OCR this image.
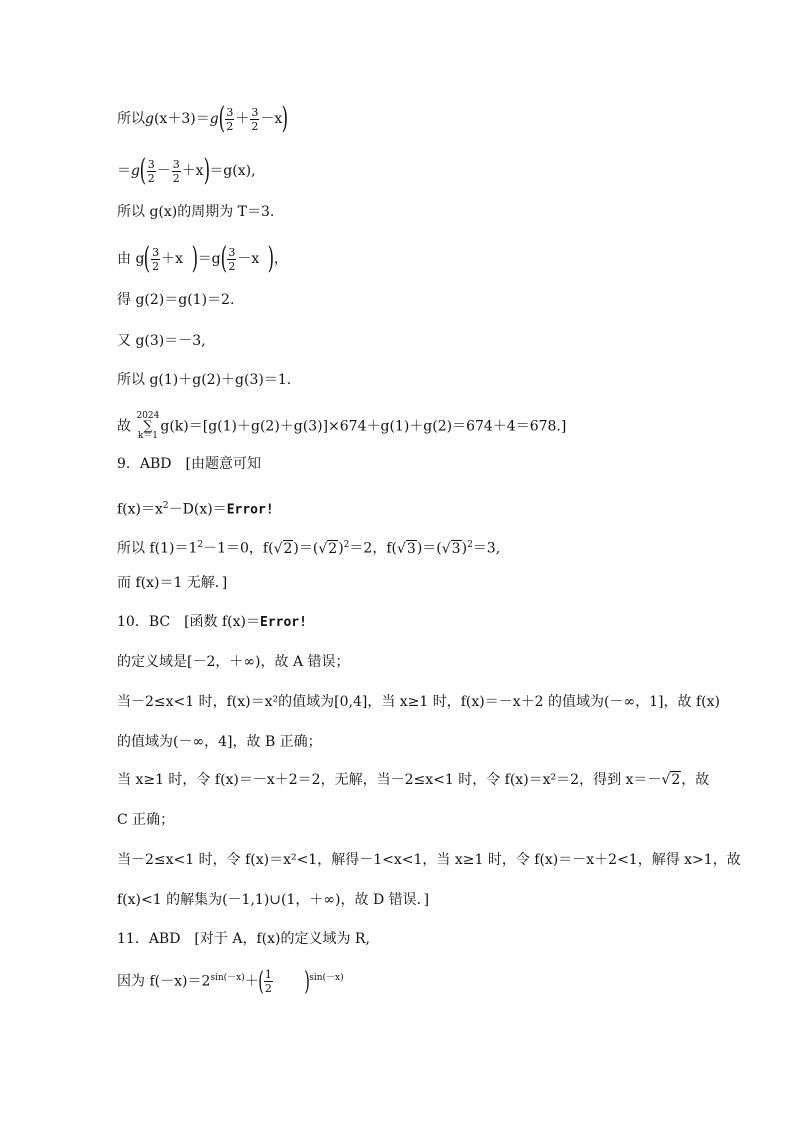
所以$g(x+3)=g( \frac{3}{2} + \frac{3}{2} -x)$
$=g( \frac{3}{2} - \frac{3}{2} +x)=g(x)$,
所以 g(x)的周期为 T＝3.
由 $g( \frac{3}{2} +x$ )$=g( \frac{3}{2} -x$ )，
得 g(2)＝g(1)＝2.
又 g(3)＝－3,
所以 g(1)＋g(2)＋g(3)＝1.
故 2024
∑
k＝1g(k)＝[g(1)＋g(2)＋g(3)]×674＋g(1)＋g(2)＝674＋4＝678.]
9．ABD　[由题意可知
$f(x)=x^2-D(x)=Error$!
所以 $f(1)=1^2-1=0$，$f(√2)=(√2)^2=2$，$f(√3)=(√3)^2=3$,
而 f(x)＝1 无解．]
10．BC　[函数 f(x)＝Error!
的定义域是[－2，＋∞)，故 A 错误；
当－2≤x<1 时，f(x)＝x²的值域为[0,4]，当 x≥1 时，f(x)＝－x＋2 的值域为(－∞，1]，故 f(x)
的值域为(－∞，4]，故 B 正确；
当 x≥1 时，令 f(x)＝－x＋2＝2，无解，当－2≤x<1 时，令 f(x)＝x²＝2，得到 x＝－√2，故
C 正确；
当－2≤x<1 时，令 f(x)＝x²<1，解得－1<x<1，当 x≥1 时，令 f(x)＝－x＋2<1，解得 x>1，故
f(x)<1 的解集为(－1,1)∪(1，＋∞)，故 D 错误．]
11．ABD　[对于 A，f(x)的定义域为 R,
因为 $f(-x)=2^{sin(-x)}+( \frac{1}{2} )^{sin(-x)}$
